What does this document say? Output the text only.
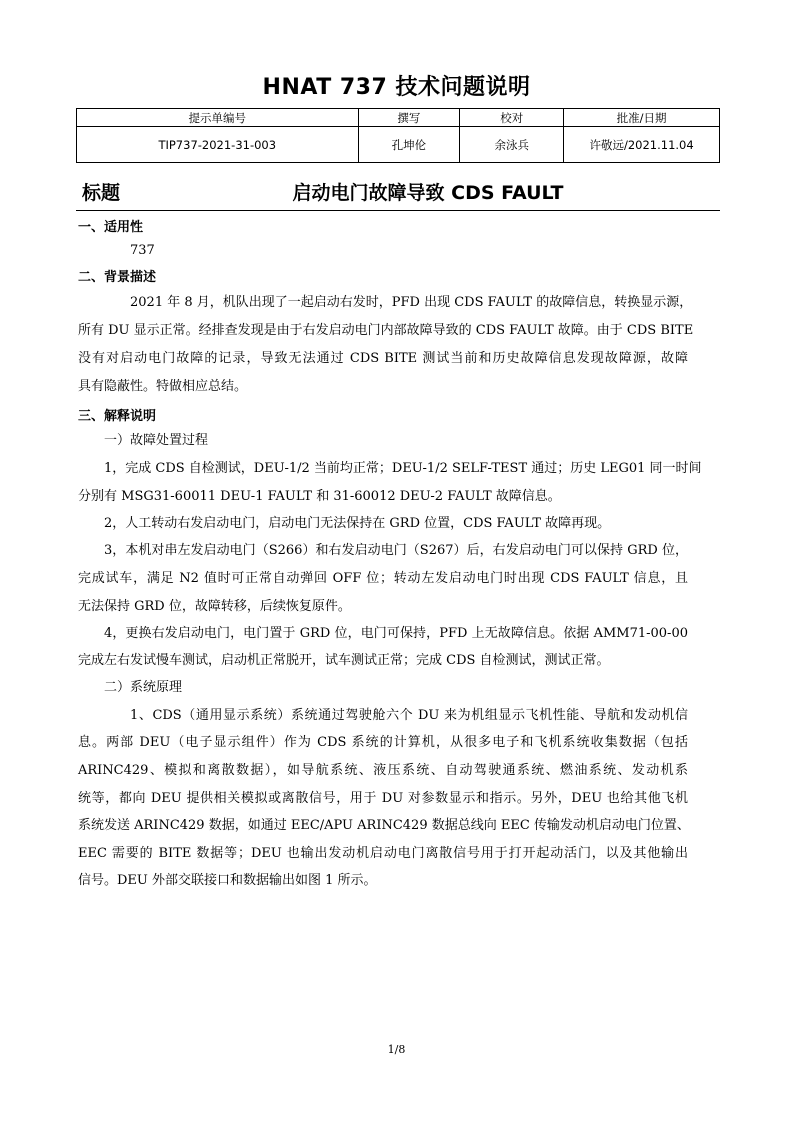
HNAT 737 技术问题说明
提示单编号	撰写	校对	批准/日期
TIP737-2021-31-003	孔坤伦	余泳兵	许敬远/2021.11.04
标题	启动电门故障导致 CDS FAULT
一、适用性
737
二、背景描述
2021 年 8 月，机队出现了一起启动右发时，PFD 出现 CDS FAULT 的故障信息，转换显示源，
所有 DU 显示正常。经排查发现是由于右发启动电门内部故障导致的 CDS FAULT 故障。由于 CDS BITE
没有对启动电门故障的记录，导致无法通过 CDS BITE 测试当前和历史故障信息发现故障源，故障
具有隐蔽性。特做相应总结。
三、解释说明
一）故障处置过程
1，完成 CDS 自检测试，DEU-1/2 当前均正常；DEU-1/2 SELF-TEST 通过；历史 LEG01 同一时间
分别有 MSG31-60011 DEU-1 FAULT 和 31-60012 DEU-2 FAULT 故障信息。
2，人工转动右发启动电门，启动电门无法保持在 GRD 位置，CDS FAULT 故障再现。
3，本机对串左发启动电门（S266）和右发启动电门（S267）后，右发启动电门可以保持 GRD 位，
完成试车，满足 N2 值时可正常自动弹回 OFF 位；转动左发启动电门时出现 CDS FAULT 信息，且
无法保持 GRD 位，故障转移，后续恢复原件。
4，更换右发启动电门，电门置于 GRD 位，电门可保持，PFD 上无故障信息。依据 AMM71-00-00
完成左右发试慢车测试，启动机正常脱开，试车测试正常；完成 CDS 自检测试，测试正常。
二）系统原理
1、CDS（通用显示系统）系统通过驾驶舱六个 DU 来为机组显示飞机性能、导航和发动机信
息。两部 DEU（电子显示组件）作为 CDS 系统的计算机，从很多电子和飞机系统收集数据（包括
ARINC429、模拟和离散数据），如导航系统、液压系统、自动驾驶通系统、燃油系统、发动机系
统等，都向 DEU 提供相关模拟或离散信号，用于 DU 对参数显示和指示。另外，DEU 也给其他飞机
系统发送 ARINC429 数据，如通过 EEC/APU ARINC429 数据总线向 EEC 传输发动机启动电门位置、
EEC 需要的 BITE 数据等；DEU 也输出发动机启动电门离散信号用于打开起动活门，以及其他输出
信号。DEU 外部交联接口和数据输出如图 1 所示。
1/8
